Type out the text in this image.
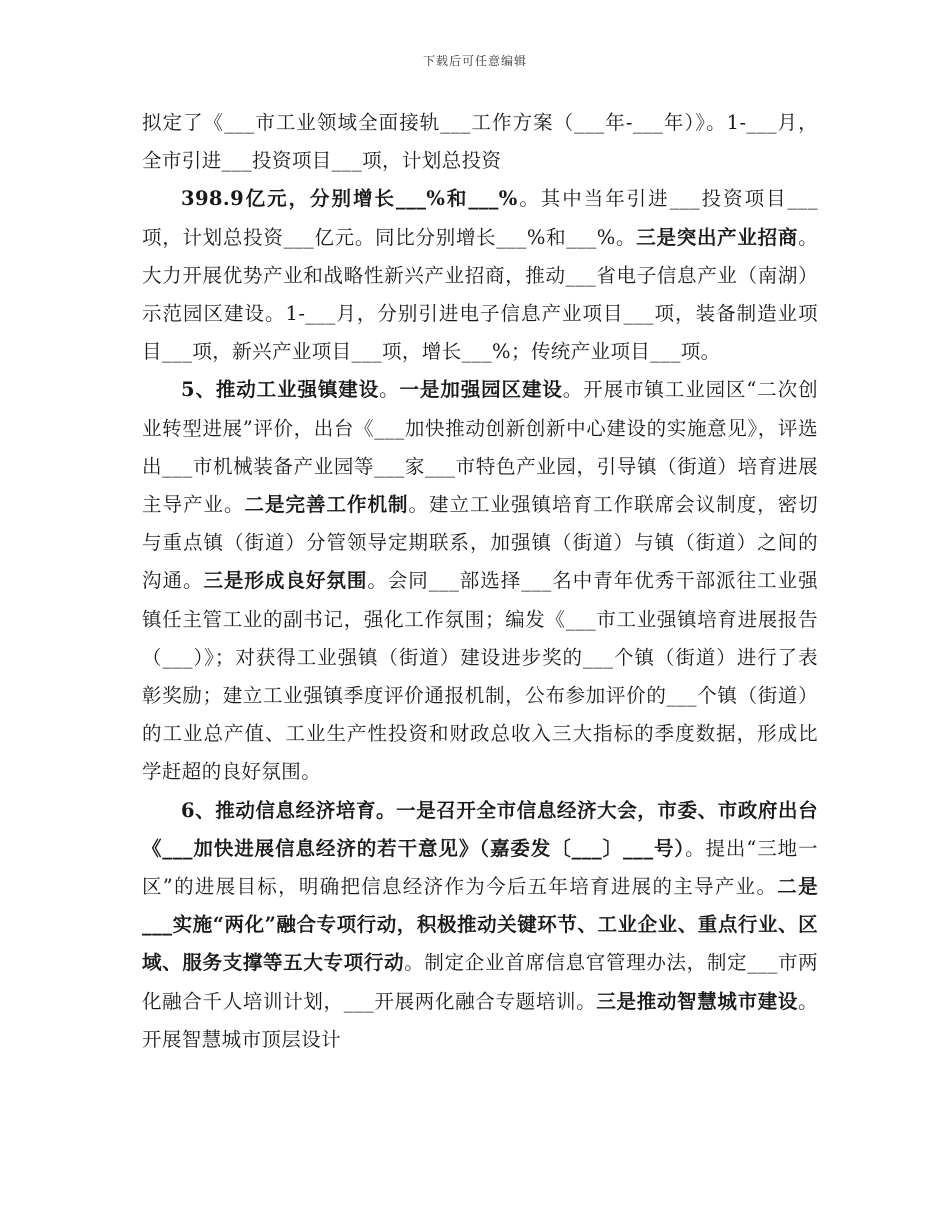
下载后可任意编辑

拟定了《___市工业领域全面接轨___工作方案（___年-___年）》。1-___月，全市引进___投资项目___项，计划总投资

398.9亿元，分别增长___%和___%。其中当年引进___投资项目___项，计划总投资___亿元。同比分别增长___%和___%。三是突出产业招商。大力开展优势产业和战略性新兴产业招商，推动___省电子信息产业（南湖）示范园区建设。1-___月，分别引进电子信息产业项目___项，装备制造业项目___项，新兴产业项目___项，增长___%；传统产业项目___项。

5、推动工业强镇建设。一是加强园区建设。开展市镇工业园区“二次创业转型进展”评价，出台《___加快推动创新创新中心建设的实施意见》，评选出___市机械装备产业园等___家___市特色产业园，引导镇（街道）培育进展主导产业。二是完善工作机制。建立工业强镇培育工作联席会议制度，密切与重点镇（街道）分管领导定期联系，加强镇（街道）与镇（街道）之间的沟通。三是形成良好氛围。会同___部选择___名中青年优秀干部派往工业强镇任主管工业的副书记，强化工作氛围；编发《___市工业强镇培育进展报告（___）》；对获得工业强镇（街道）建设进步奖的___个镇（街道）进行了表彰奖励；建立工业强镇季度评价通报机制，公布参加评价的___个镇（街道）的工业总产值、工业生产性投资和财政总收入三大指标的季度数据，形成比学赶超的良好氛围。

6、推动信息经济培育。一是召开全市信息经济大会，市委、市政府出台《___加快进展信息经济的若干意见》（嘉委发〔___〕___号）。提出“三地一区”的进展目标，明确把信息经济作为今后五年培育进展的主导产业。二是___实施“两化”融合专项行动，积极推动关键环节、工业企业、重点行业、区域、服务支撑等五大专项行动。制定企业首席信息官管理办法，制定___市两化融合千人培训计划，___开展两化融合专题培训。三是推动智慧城市建设。开展智慧城市顶层设计
